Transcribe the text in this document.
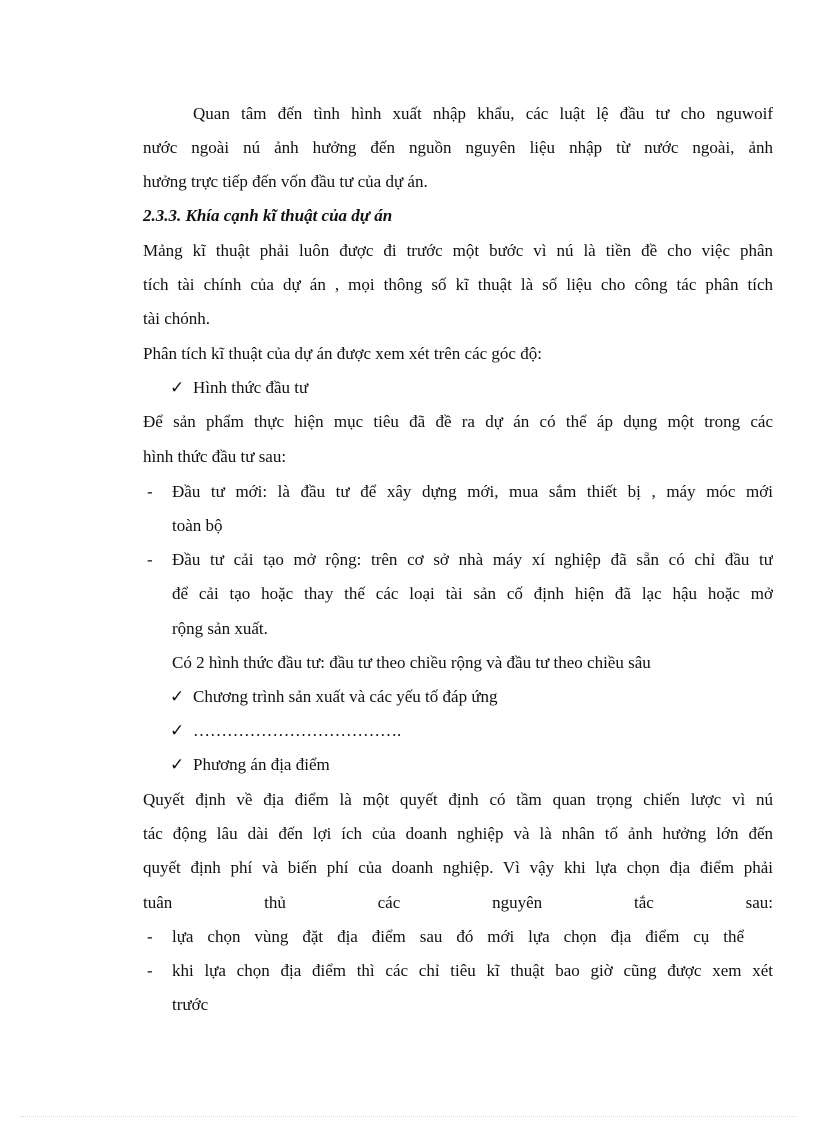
Quan tâm đến tình hình xuất nhập khẩu, các luật lệ đầu tư cho nguwoif
nước ngoài nú ảnh hưởng đến nguồn nguyên liệu nhập từ nước ngoài, ảnh
hưởng trực tiếp đến vốn đầu tư của dự án.
2.3.3. Khía cạnh kĩ thuật của dự án
Mảng kĩ thuật phải luôn được đi trước một bước vì nú là tiền đề cho việc phân
tích tài chính của dự án , mọi thông số kĩ thuật là số liệu cho công tác phân tích
tài chónh.
Phân tích kĩ thuật của dự án được xem xét trên các góc độ:
✓ Hình thức đầu tư
Để sản phẩm thực hiện mục tiêu đã đề ra dự án có thể áp dụng một trong các
hình thức đầu tư sau:
- Đầu tư mới: là đầu tư để xây dựng mới, mua sắm thiết bị , máy móc mới
toàn bộ
- Đầu tư cải tạo mở rộng: trên cơ sở nhà máy xí nghiệp đã sẵn có chỉ đầu tư
để cải tạo hoặc thay thế các loại tài sản cố định hiện đã lạc hậu hoặc mở
rộng sản xuất.
Có 2 hình thức đầu tư: đầu tư theo chiều rộng và đầu tư theo chiều sâu
✓ Chương trình sản xuất và các yếu tố đáp ứng
✓ ……………………………….
✓ Phương án địa điểm
Quyết định về địa điểm là một quyết định có tầm quan trọng chiến lược vì nú
tác động lâu dài đến lợi ích của doanh nghiệp và là nhân tố ảnh hưởng lớn đến
quyết định phí và biến phí của doanh nghiệp. Vì vậy khi lựa chọn địa điểm phải
tuân thủ các nguyên tắc sau:
- lựa chọn vùng đặt địa điểm sau đó mới lựa chọn địa điểm cụ thể
- khi lựa chọn địa điểm thì các chỉ tiêu kĩ thuật bao giờ cũng được xem xét
trước
